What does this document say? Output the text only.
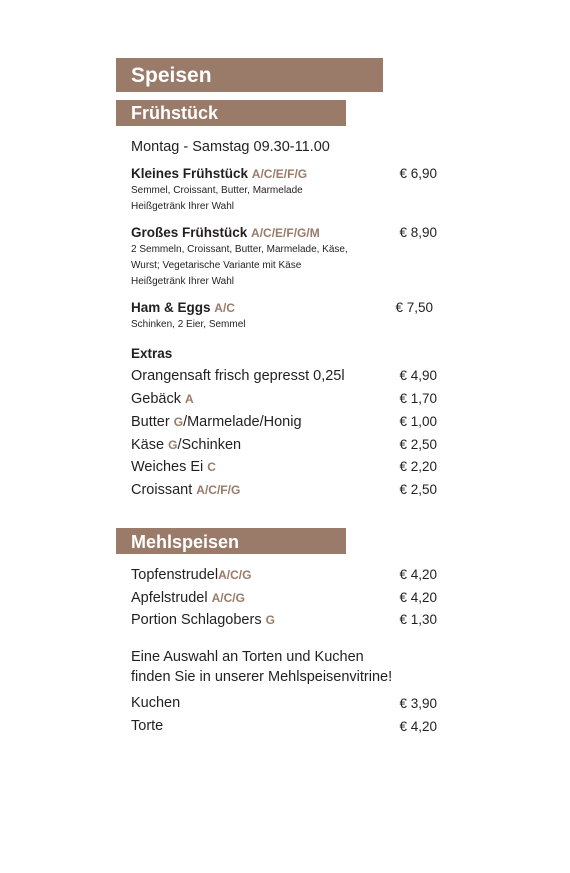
Speisen
Frühstück
Montag - Samstag 09.30-11.00
Kleines Frühstück A/C/E/F/G	€ 6,90
Semmel, Croissant, Butter, Marmelade
Heißgetränk Ihrer Wahl
Großes Frühstück A/C/E/F/G/M	€ 8,90
2 Semmeln, Croissant, Butter, Marmelade, Käse,
Wurst; Vegetarische Variante mit Käse
Heißgetränk Ihrer Wahl
Ham & Eggs A/C	€ 7,50
Schinken, 2 Eier, Semmel
Extras
Orangensaft frisch gepresst 0,25l	€ 4,90
Gebäck A	€ 1,70
Butter G/Marmelade/Honig	€ 1,00
Käse G/Schinken	€ 2,50
Weiches Ei C	€ 2,20
Croissant A/C/F/G	€ 2,50
Mehlspeisen
TopfenstrudelA/C/G	€ 4,20
Apfelstrudel A/C/G	€ 4,20
Portion Schlagobers G	€ 1,30
Eine Auswahl an Torten und Kuchen
finden Sie in unserer Mehlspeisenvitrine!
Kuchen	€ 3,90
Torte	€ 4,20
